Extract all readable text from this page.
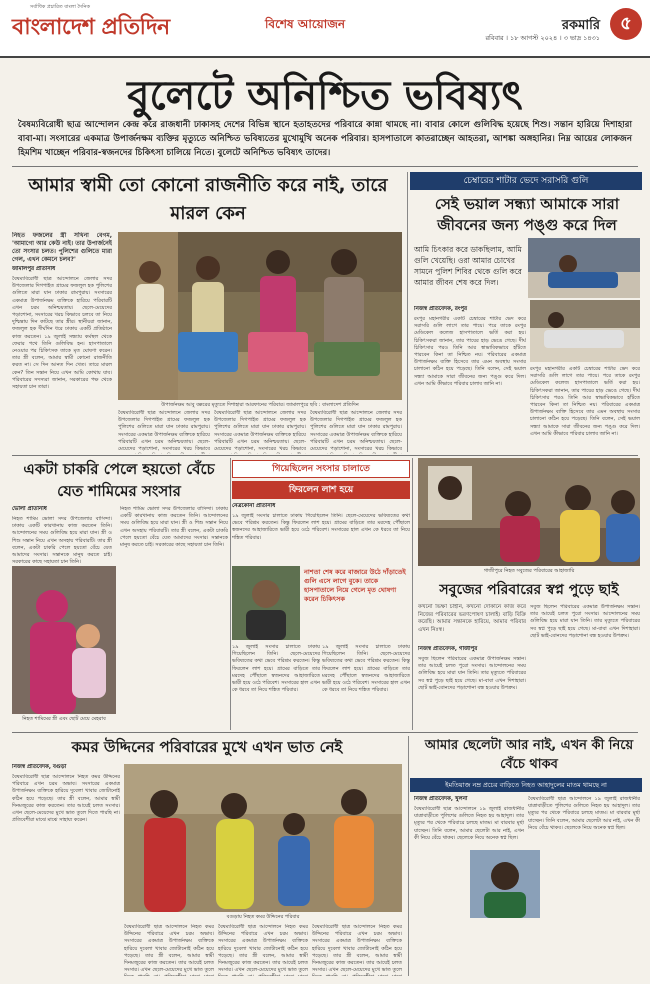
সর্বাধিক প্রচারিত বাংলা দৈনিক
বাংলাদেশ প্রতিদিন	বিশেষ আয়োজন	রকমারি
রবিবার । ১৮ আগস্ট ২০২৪ । ৩ ভাদ্র ১৪৩১
৫
বুলেটে অনিশ্চিত ভবিষ্যৎ
বৈষম্যবিরোধী ছাত্র আন্দোলন কেন্দ্র করে রাজধানী ঢাকাসহ দেশের বিভিন্ন স্থানে হতাহতদের পরিবারে কান্না থামছে না। বাবার কোলে গুলিবিদ্ধ হয়েছে শিশু। সন্তান হারিয়ে দিশাহারা বাবা-মা। সংসারের একমাত্র উপার্জনক্ষম ব্যক্তির মৃত্যুতে অনিশ্চিত ভবিষ্যতের মুখোমুখি অনেক পরিবার। হাসপাতালে কাতরাচ্ছেন আহতরা, আশঙ্কা অঙ্গহানির। নিম্ন আয়ের লোকজন হিমশিম খাচ্ছেন পরিবার-স্বজনদের চিকিৎসা চালিয়ে নিতে। বুলেটে অনিশ্চিত ভবিষ্যৎ তাদের।
আমার স্বামী তো কোনো রাজনীতি করে নাই, তারে মারল কেন
নিহত ফজলের স্ত্রী সখিনা বেগম, 'আমাগো আর কেউ নাই। তার উপার্জনেই তো সংসার চলত। পুলিশের গুলিতে মারা গেল, এখন কেমনে চলব?'
জামালপুর প্রতিনিধি
বৈষম্যবিরোধী ছাত্র আন্দোলনে জেলার সদর উপজেলার দিগপাইত গ্রামের ফজলুল হক পুলিশের গুলিতে মারা যান ঢাকার রামপুরায়। সংসারের একমাত্র উপার্জনক্ষম ব্যক্তিকে হারিয়ে পরিবারটি এখন চরম অনিশ্চয়তায়। ছেলে-মেয়েদের পড়াশোনা, সংসারের খরচ কিভাবে চলবে তা নিয়ে দুশ্চিন্তায় দিন কাটছে তার স্ত্রীর। স্থানীয়রা জানান, ফজলুল হক দীর্ঘদিন ধরে ঢাকায় একটি প্রতিষ্ঠানে কাজ করতেন। ১৯ জুলাই সন্ধ্যায় কর্মস্থল থেকে ফেরার পথে তিনি গুলিবিদ্ধ হন। হাসপাতালে নেওয়ার পর চিকিৎসক তাকে মৃত ঘোষণা করেন। তার স্ত্রী বলেন, আমার স্বামী কোনো রাজনীতি করত না। সে দিন আনত দিন খেত। তারে মারল কেন? তিন সন্তান নিয়ে এখন আমি কোথায় যাব। পরিবারের সদস্যরা জানান, সরকারের পক্ষ থেকে সহায়তা চান তারা।
উপার্জনক্ষম আবু বক্করের মৃত্যুতে দিশাহারা আরফানের পরিবার। জামালপুরে ছবি : বাংলাদেশ প্রতিদিন
বৈষম্যবিরোধী ছাত্র আন্দোলনে জেলার সদর উপজেলার দিগপাইত গ্রামের ফজলুল হক পুলিশের গুলিতে মারা যান ঢাকার রামপুরায়। সংসারের একমাত্র উপার্জনক্ষম ব্যক্তিকে হারিয়ে পরিবারটি এখন চরম অনিশ্চয়তায়। ছেলে-মেয়েদের পড়াশোনা, সংসারের খরচ কিভাবে
বৈষম্যবিরোধী ছাত্র আন্দোলনে জেলার সদর উপজেলার দিগপাইত গ্রামের ফজলুল হক পুলিশের গুলিতে মারা যান ঢাকার রামপুরায়। সংসারের একমাত্র উপার্জনক্ষম ব্যক্তিকে হারিয়ে পরিবারটি এখন চরম অনিশ্চয়তায়। ছেলে-মেয়েদের পড়াশোনা, সংসারের খরচ কিভাবে
বৈষম্যবিরোধী ছাত্র আন্দোলনে জেলার সদর উপজেলার দিগপাইত গ্রামের ফজলুল হক পুলিশের গুলিতে মারা যান ঢাকার রামপুরায়। সংসারের একমাত্র উপার্জনক্ষম ব্যক্তিকে হারিয়ে পরিবারটি এখন চরম অনিশ্চয়তায়। ছেলে-মেয়েদের পড়াশোনা, সংসারের খরচ কিভাবে
চেম্বারের শাটার ভেদে সরাসরি গুলি
সেই ভয়াল সন্ধ্যা আমাকে সারা জীবনের জন্য পঙ্গু করে দিল
আমি চিৎকার করে ডাকছিলাম, আমি গুলি খেয়েছি। ওরা আমার চোখের সামনে পুলিশ শিবির থেকে গুলি করে আমার জীবন শেষ করে দিল।
নিজস্ব প্রতিবেদক, রংপুর
রংপুর মহানগরীর একটি চেম্বারের শাটার ভেদ করে সরাসরি গুলি লাগে তার পায়ে। পরে তাকে রংপুর মেডিকেল কলেজ হাসপাতালে ভর্তি করা হয়। চিকিৎসকরা জানান, তার পায়ের হাড় ভেঙে গেছে। দীর্ঘ চিকিৎসার পরও তিনি আর স্বাভাবিকভাবে হাঁটতে পারবেন কিনা তা নিশ্চিত নয়। পরিবারের একমাত্র উপার্জনক্ষম ব্যক্তি হিসেবে তার এমন অবস্থায় সংসার চালানো কঠিন হয়ে পড়েছে। তিনি বলেন, সেই ভয়াল সন্ধ্যা আমাকে সারা জীবনের জন্য পঙ্গু করে দিল। এখন আমি কীভাবে পরিবার চালাব জানি না।
রংপুর মহানগরীর একটি চেম্বারের শাটার ভেদ করে সরাসরি গুলি লাগে তার পায়ে। পরে তাকে রংপুর মেডিকেল কলেজ হাসপাতালে ভর্তি করা হয়। চিকিৎসকরা জানান, তার পায়ের হাড় ভেঙে গেছে। দীর্ঘ চিকিৎসার পরও তিনি আর স্বাভাবিকভাবে হাঁটতে পারবেন কিনা তা নিশ্চিত নয়। পরিবারের একমাত্র উপার্জনক্ষম ব্যক্তি হিসেবে তার এমন অবস্থায় সংসার চালানো কঠিন হয়ে পড়েছে। তিনি বলেন, সেই ভয়াল সন্ধ্যা আমাকে সারা জীবনের জন্য পঙ্গু করে দিল। এখন আমি কীভাবে পরিবার চালাব জানি না।
একটা চাকরি পেলে হয়তো বেঁচে যেত শামিমের সংসার
ভোলা প্রতিনিধি
নিহত শামিম ভোলা সদর উপজেলার বাসিন্দা। ঢাকায় একটি কারখানায় কাজ করতেন তিনি। আন্দোলনের সময় গুলিবিদ্ধ হয়ে মারা যান। স্ত্রী ও শিশু সন্তান নিয়ে এখন অসহায় পরিবারটি। তার স্ত্রী বলেন, একটা চাকরি পেলে হয়তো বেঁচে যেত আমাদের সংসার। সন্তানকে মানুষ করতে চাই। সরকারের কাছে সহায়তা চান তিনি।
নিহত শামিমের স্ত্রী এবং ছোট মেয়ে মেহরাব
নিহত শামিম ভোলা সদর উপজেলার বাসিন্দা। ঢাকায় একটি কারখানায় কাজ করতেন তিনি। আন্দোলনের সময় গুলিবিদ্ধ হয়ে মারা যান। স্ত্রী ও শিশু সন্তান নিয়ে এখন অসহায় পরিবারটি। তার স্ত্রী বলেন, একটা চাকরি পেলে হয়তো বেঁচে যেত আমাদের সংসার। সন্তানকে মানুষ করতে চাই। সরকারের কাছে সহায়তা চান তিনি।
গিয়েছিলেন সংসার চালাতে
ফিরলেন লাশ হয়ে
নেত্রকোনা প্রতিনিধি
১৯ জুলাই সংসার চালাতে ঢাকায় গিয়েছিলেন তিনি। ছেলে-মেয়েদের ভবিষ্যতের কথা ভেবে পরিশ্রম করতেন। কিন্তু ফিরলেন লাশ হয়ে। গ্রামের বাড়িতে তার মরদেহ পৌঁছালে স্বজনদের আহাজারিতে ভারী হয়ে ওঠে পরিবেশ। সংসারের হাল এখন কে ধরবে তা নিয়ে শঙ্কিত পরিবার।
নাশতা শেষ করে বাজারে উঠে দাঁড়াতেই গুলি এসে লাগে বুকে। তাকে হাসপাতালে নিয়ে গেলে মৃত ঘোষণা করেন চিকিৎসক
১৯ জুলাই সংসার চালাতে ঢাকায় গিয়েছিলেন তিনি। ছেলে-মেয়েদের ভবিষ্যতের কথা ভেবে পরিশ্রম করতেন। কিন্তু ফিরলেন লাশ হয়ে। গ্রামের বাড়িতে তার মরদেহ পৌঁছালে স্বজনদের আহাজারিতে ভারী হয়ে ওঠে পরিবেশ। সংসারের হাল এখন কে ধরবে তা নিয়ে শঙ্কিত পরিবার।
১৯ জুলাই সংসার চালাতে ঢাকায় গিয়েছিলেন তিনি। ছেলে-মেয়েদের ভবিষ্যতের কথা ভেবে পরিশ্রম করতেন। কিন্তু ফিরলেন লাশ হয়ে। গ্রামের বাড়িতে তার মরদেহ পৌঁছালে স্বজনদের আহাজারিতে ভারী হয়ে ওঠে পরিবেশ। সংসারের হাল এখন কে ধরবে তা নিয়ে শঙ্কিত পরিবার।
গাজীপুরে নিহত সবুজের পরিবারের আহাজারি
সবুজের পরিবারের স্বপ্ন পুড়ে ছাই
কখনো ভিক্ষা চাইনি, কখনো দোকানে কাজ করে নিজের পরিবারের ভরণপোষণ চালাই। বাড়ি বিক্রি করেছি। আমার সন্তানকে হারিয়ে, আমার পরিবার এখন নিঃস্ব।
নিজস্ব প্রতিবেদক, গাজীপুর
সবুজ ছিলেন পরিবারের একমাত্র উপার্জনক্ষম সন্তান। তার আয়েই চলত পুরো সংসার। আন্দোলনের সময় গুলিবিদ্ধ হয়ে মারা যান তিনি। তার মৃত্যুতে পরিবারের সব স্বপ্ন পুড়ে ছাই হয়ে গেছে। মা-বাবা এখন দিশাহারা। ছোট ভাই-বোনদের পড়াশোনা বন্ধ হওয়ার উপক্রম।
সবুজ ছিলেন পরিবারের একমাত্র উপার্জনক্ষম সন্তান। তার আয়েই চলত পুরো সংসার। আন্দোলনের সময় গুলিবিদ্ধ হয়ে মারা যান তিনি। তার মৃত্যুতে পরিবারের সব স্বপ্ন পুড়ে ছাই হয়ে গেছে। মা-বাবা এখন দিশাহারা। ছোট ভাই-বোনদের পড়াশোনা বন্ধ হওয়ার উপক্রম।
কমর উদ্দিনের পরিবারের মুখে এখন ভাত নেই
নিজস্ব প্রতিবেদক, বগুড়া
বৈষম্যবিরোধী ছাত্র আন্দোলনে নিহত কমর উদ্দিনের পরিবারে এখন চরম অভাব। সংসারের একমাত্র উপার্জনক্ষম ব্যক্তিকে হারিয়ে দুবেলা খাবার জোটানোই কঠিন হয়ে পড়েছে। তার স্ত্রী বলেন, আমার স্বামী দিনমজুরের কাজ করতেন। তার আয়েই চলত সংসার। এখন ছেলে-মেয়েদের মুখে ভাত তুলে দিতে পারছি না। প্রতিবেশীরা মাঝে মাঝে সাহায্য করেন।
বগুড়ায় নিহত কমর উদ্দিনের পরিবার
বৈষম্যবিরোধী ছাত্র আন্দোলনে নিহত কমর উদ্দিনের পরিবারে এখন চরম অভাব। সংসারের একমাত্র উপার্জনক্ষম ব্যক্তিকে হারিয়ে দুবেলা খাবার জোটানোই কঠিন হয়ে পড়েছে। তার স্ত্রী বলেন, আমার স্বামী দিনমজুরের কাজ করতেন। তার আয়েই চলত সংসার। এখন ছেলে-মেয়েদের মুখে ভাত তুলে
বৈষম্যবিরোধী ছাত্র আন্দোলনে নিহত কমর উদ্দিনের পরিবারে এখন চরম অভাব। সংসারের একমাত্র উপার্জনক্ষম ব্যক্তিকে হারিয়ে দুবেলা খাবার জোটানোই কঠিন হয়ে পড়েছে। তার স্ত্রী বলেন, আমার স্বামী দিনমজুরের কাজ করতেন। তার আয়েই চলত সংসার। এখন ছেলে-মেয়েদের মুখে ভাত তুলে
বৈষম্যবিরোধী ছাত্র আন্দোলনে নিহত কমর উদ্দিনের পরিবারে এখন চরম অভাব। সংসারের একমাত্র উপার্জনক্ষম ব্যক্তিকে হারিয়ে দুবেলা খাবার জোটানোই কঠিন হয়ে পড়েছে। তার স্ত্রী বলেন, আমার স্বামী দিনমজুরের কাজ করতেন। তার আয়েই চলত সংসার। এখন ছেলে-মেয়েদের মুখে ভাত তুলে
আমার ছেলেটা আর নাই, এখন কী নিয়ে বেঁচে থাকব
ইমতিয়াজ নম্র প্রচের বাড়িতে নিহত আহাদুলের মাতম থামছে না
নিজস্ব প্রতিবেদক, খুলনা
বৈষম্যবিরোধী ছাত্র আন্দোলনে ১৯ জুলাই রাজধানীর যাত্রাবাড়ীতে পুলিশের গুলিতে নিহত হয় আহাদুল। তার মৃত্যুর পর থেকে পরিবারে চলছে মাতম। মা বারবার মূর্ছা যাচ্ছেন। তিনি বলেন, আমার ছেলেটা আর নাই, এখন কী নিয়ে বেঁচে থাকব। ছেলেকে নিয়ে অনেক স্বপ্ন ছিল।
বৈষম্যবিরোধী ছাত্র আন্দোলনে ১৯ জুলাই রাজধানীর যাত্রাবাড়ীতে পুলিশের গুলিতে নিহত হয় আহাদুল। তার মৃত্যুর পর থেকে পরিবারে চলছে মাতম। মা বারবার মূর্ছা যাচ্ছেন। তিনি বলেন, আমার ছেলেটা আর নাই, এখন কী নিয়ে বেঁচে থাকব। ছেলেকে নিয়ে অনেক স্বপ্ন ছিল।
